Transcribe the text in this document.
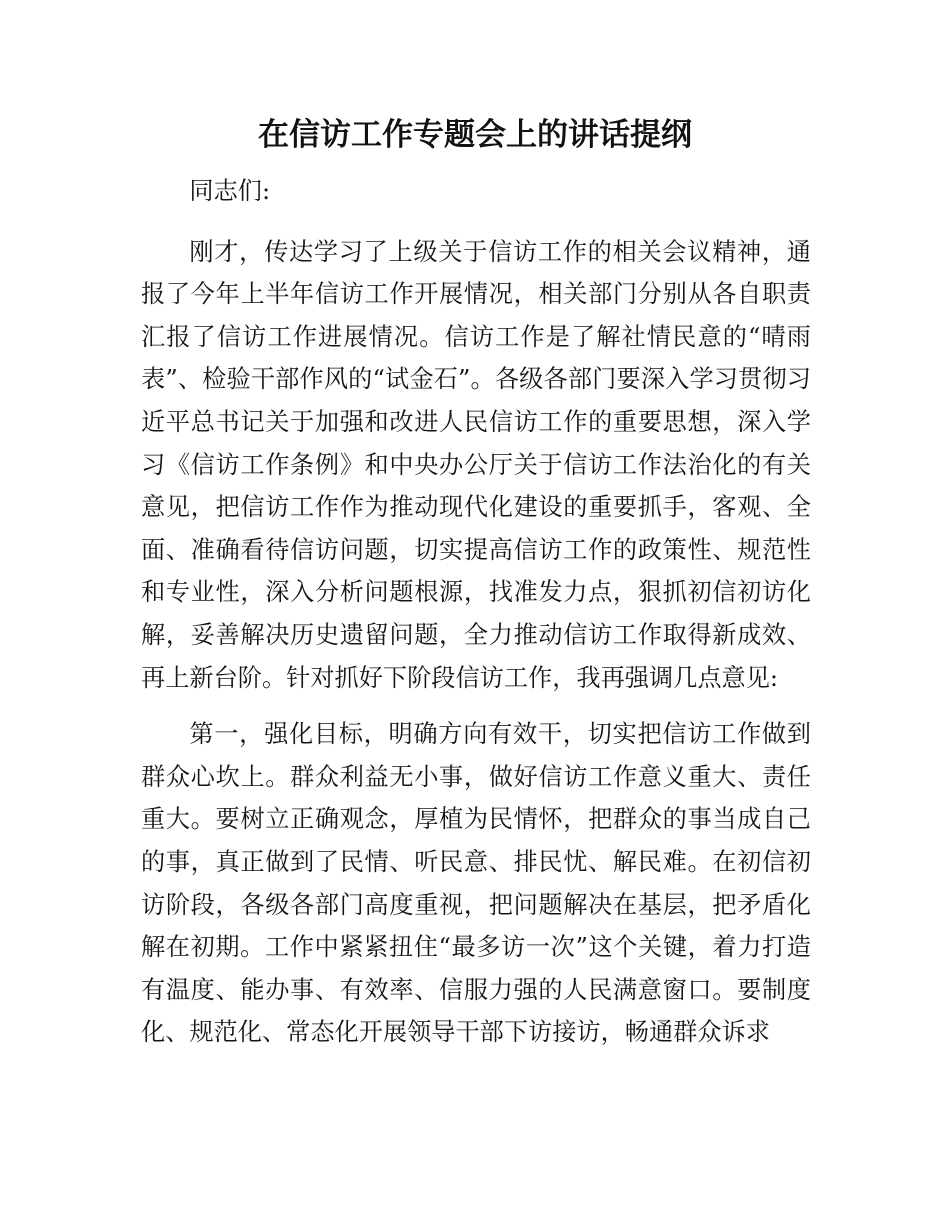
在信访工作专题会上的讲话提纲

同志们:

刚才，传达学习了上级关于信访工作的相关会议精神，通报了今年上半年信访工作开展情况，相关部门分别从各自职责汇报了信访工作进展情况。信访工作是了解社情民意的“晴雨表”、检验干部作风的“试金石”。各级各部门要深入学习贯彻习近平总书记关于加强和改进人民信访工作的重要思想，深入学习《信访工作条例》和中央办公厅关于信访工作法治化的有关意见，把信访工作作为推动现代化建设的重要抓手，客观、全面、准确看待信访问题，切实提高信访工作的政策性、规范性和专业性，深入分析问题根源，找准发力点，狠抓初信初访化解，妥善解决历史遗留问题，全力推动信访工作取得新成效、再上新台阶。针对抓好下阶段信访工作，我再强调几点意见:

第一，强化目标，明确方向有效干，切实把信访工作做到群众心坎上。群众利益无小事，做好信访工作意义重大、责任重大。要树立正确观念，厚植为民情怀，把群众的事当成自己的事，真正做到了民情、听民意、排民忧、解民难。在初信初访阶段，各级各部门高度重视，把问题解决在基层，把矛盾化解在初期。工作中紧紧扭住“最多访一次”这个关键，着力打造有温度、能办事、有效率、信服力强的人民满意窗口。要制度化、规范化、常态化开展领导干部下访接访，畅通群众诉求
